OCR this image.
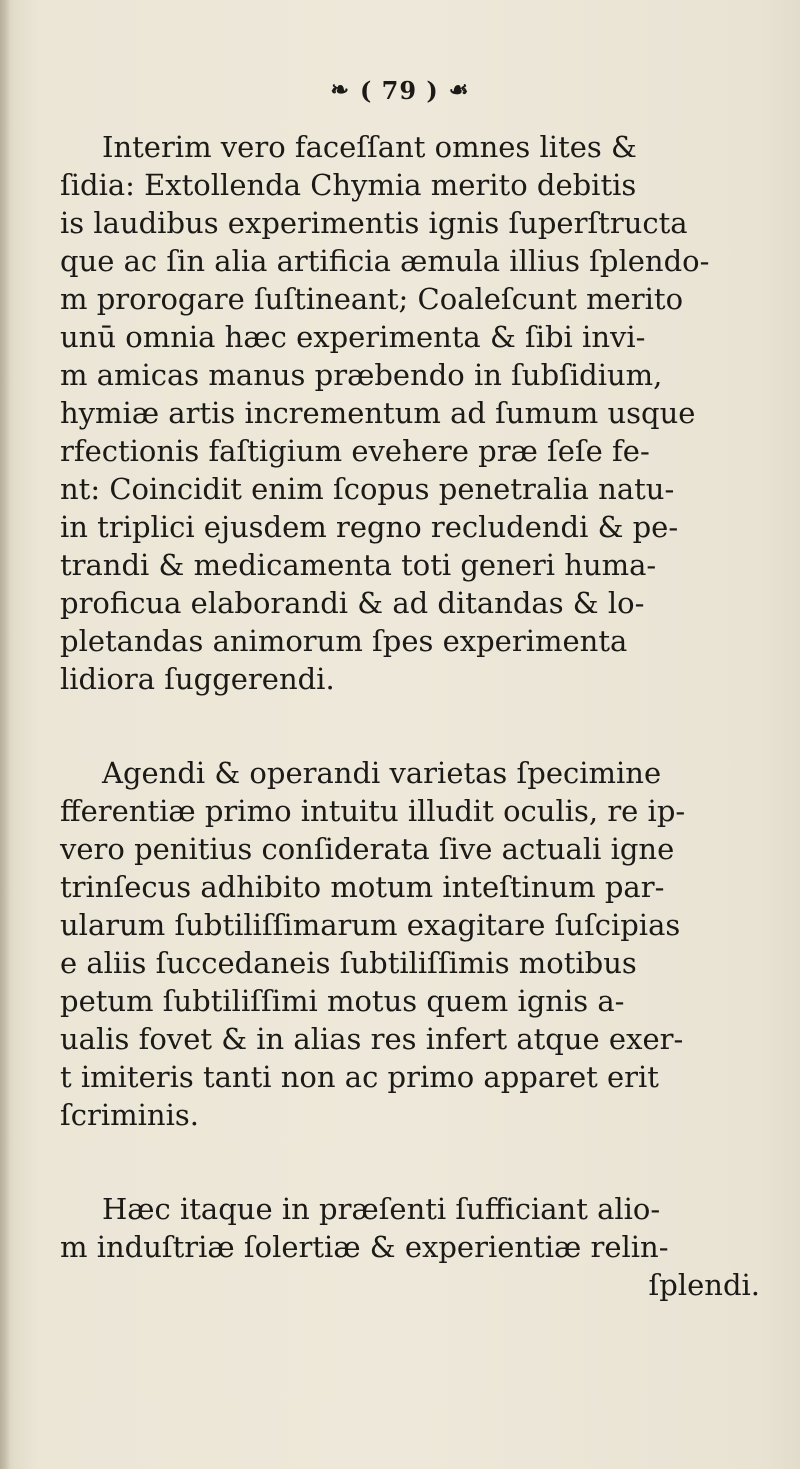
❧ ( 79 ) ☙
Interim vero faceſſant omnes lites &
ſidia: Extollenda Chymia merito debitis
is laudibus experimentis ignis ſuperſtructa
que ac ſin alia artificia æmula illius ſplendo-
m prorogare ſuſtineant; Coaleſcunt merito
unū omnia hæc experimenta & ſibi invi-
m amicas manus præbendo in ſubſidium,
hymiæ artis incrementum ad ſumum usque
rfectionis faſtigium evehere præ ſeſe fe-
nt: Coincidit enim ſcopus penetralia natu-
in triplici ejusdem regno recludendi & pe-
trandi & medicamenta toti generi huma-
proficua elaborandi & ad ditandas & lo-
pletandas animorum ſpes experimenta
lidiora ſuggerendi.
Agendi & operandi varietas ſpecimine
fferentiæ primo intuitu illudit oculis, re ip-
vero penitius conſiderata ſive actuali igne
trinſecus adhibito motum inteſtinum par-
ularum ſubtiliſſimarum exagitare ſuſcipias
e aliis ſuccedaneis ſubtiliſſimis motibus
petum ſubtiliſſimi motus quem ignis a-
ualis fovet & in alias res infert atque exer-
t imiteris tanti non ac primo apparet erit
ſcriminis.
Hæc itaque in præſenti ſufficiant alio-
m induſtriæ ſolertiæ & experientiæ relin-
ſplendi.
